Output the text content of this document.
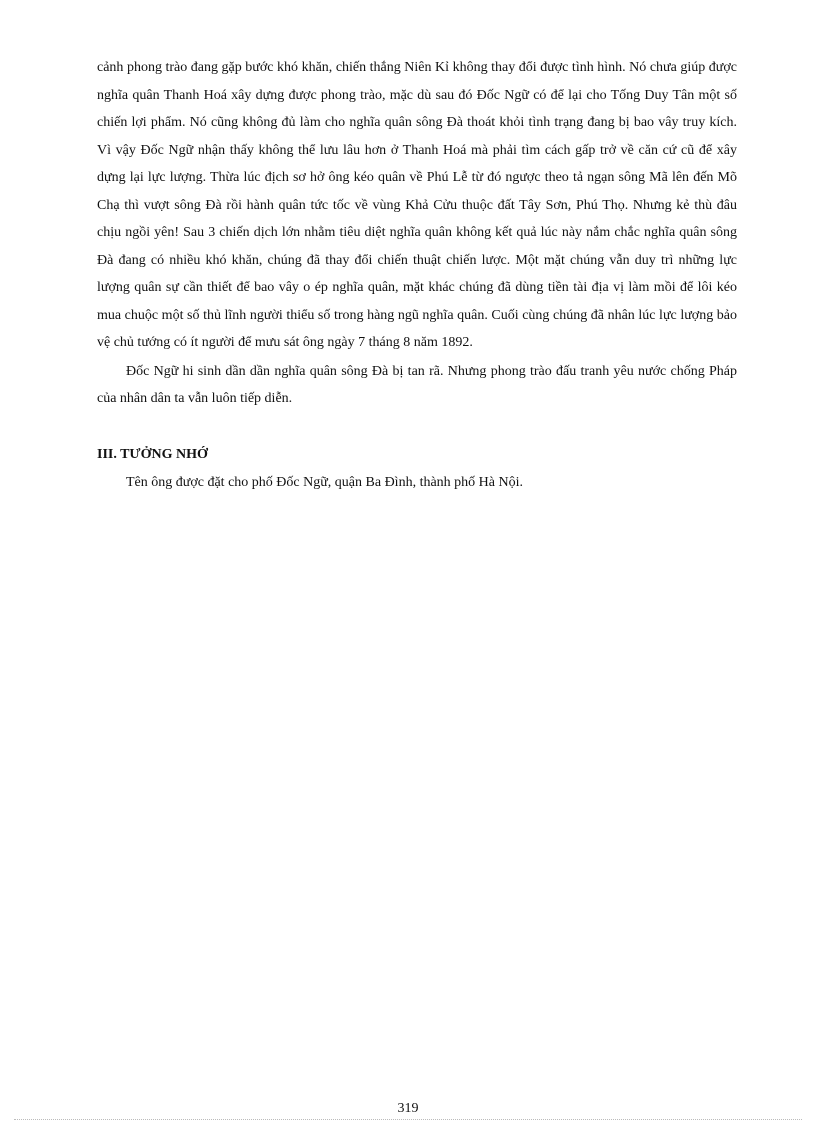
cảnh phong trào đang gặp bước khó khăn, chiến thắng Niên Kỉ không thay đổi được tình hình. Nó chưa giúp được nghĩa quân Thanh Hoá xây dựng được phong trào, mặc dù sau đó Đốc Ngữ có để lại cho Tống Duy Tân một số chiến lợi phẩm. Nó cũng không đủ làm cho nghĩa quân sông Đà thoát khỏi tình trạng đang bị bao vây truy kích. Vì vậy Đốc Ngữ nhận thấy không thể lưu lâu hơn ở Thanh Hoá mà phải tìm cách gấp trở về căn cứ cũ để xây dựng lại lực lượng. Thừa lúc địch sơ hở ông kéo quân về Phú Lễ từ đó ngược theo tả ngạn sông Mã lên đến Mõ Chạ thì vượt sông Đà rồi hành quân tức tốc về vùng Khả Cửu thuộc đất Tây Sơn, Phú Thọ. Nhưng kẻ thù đâu chịu ngồi yên! Sau 3 chiến dịch lớn nhằm tiêu diệt nghĩa quân không kết quả lúc này nắm chắc nghĩa quân sông Đà đang có nhiều khó khăn, chúng đã thay đổi chiến thuật chiến lược. Một mặt chúng vẫn duy trì những lực lượng quân sự cần thiết để bao vây o ép nghĩa quân, mặt khác chúng đã dùng tiền tài địa vị làm mồi để lôi kéo mua chuộc một số thủ lĩnh người thiểu số trong hàng ngũ nghĩa quân. Cuối cùng chúng đã nhân lúc lực lượng bảo vệ chủ tướng có ít người để mưu sát ông ngày 7 tháng 8 năm 1892.

Đốc Ngữ hi sinh dần dần nghĩa quân sông Đà bị tan rã. Nhưng phong trào đấu tranh yêu nước chống Pháp của nhân dân ta vẫn luôn tiếp diễn.

III. TƯỞNG NHỚ

Tên ông được đặt cho phố Đốc Ngữ, quận Ba Đình, thành phố Hà Nội.

319
